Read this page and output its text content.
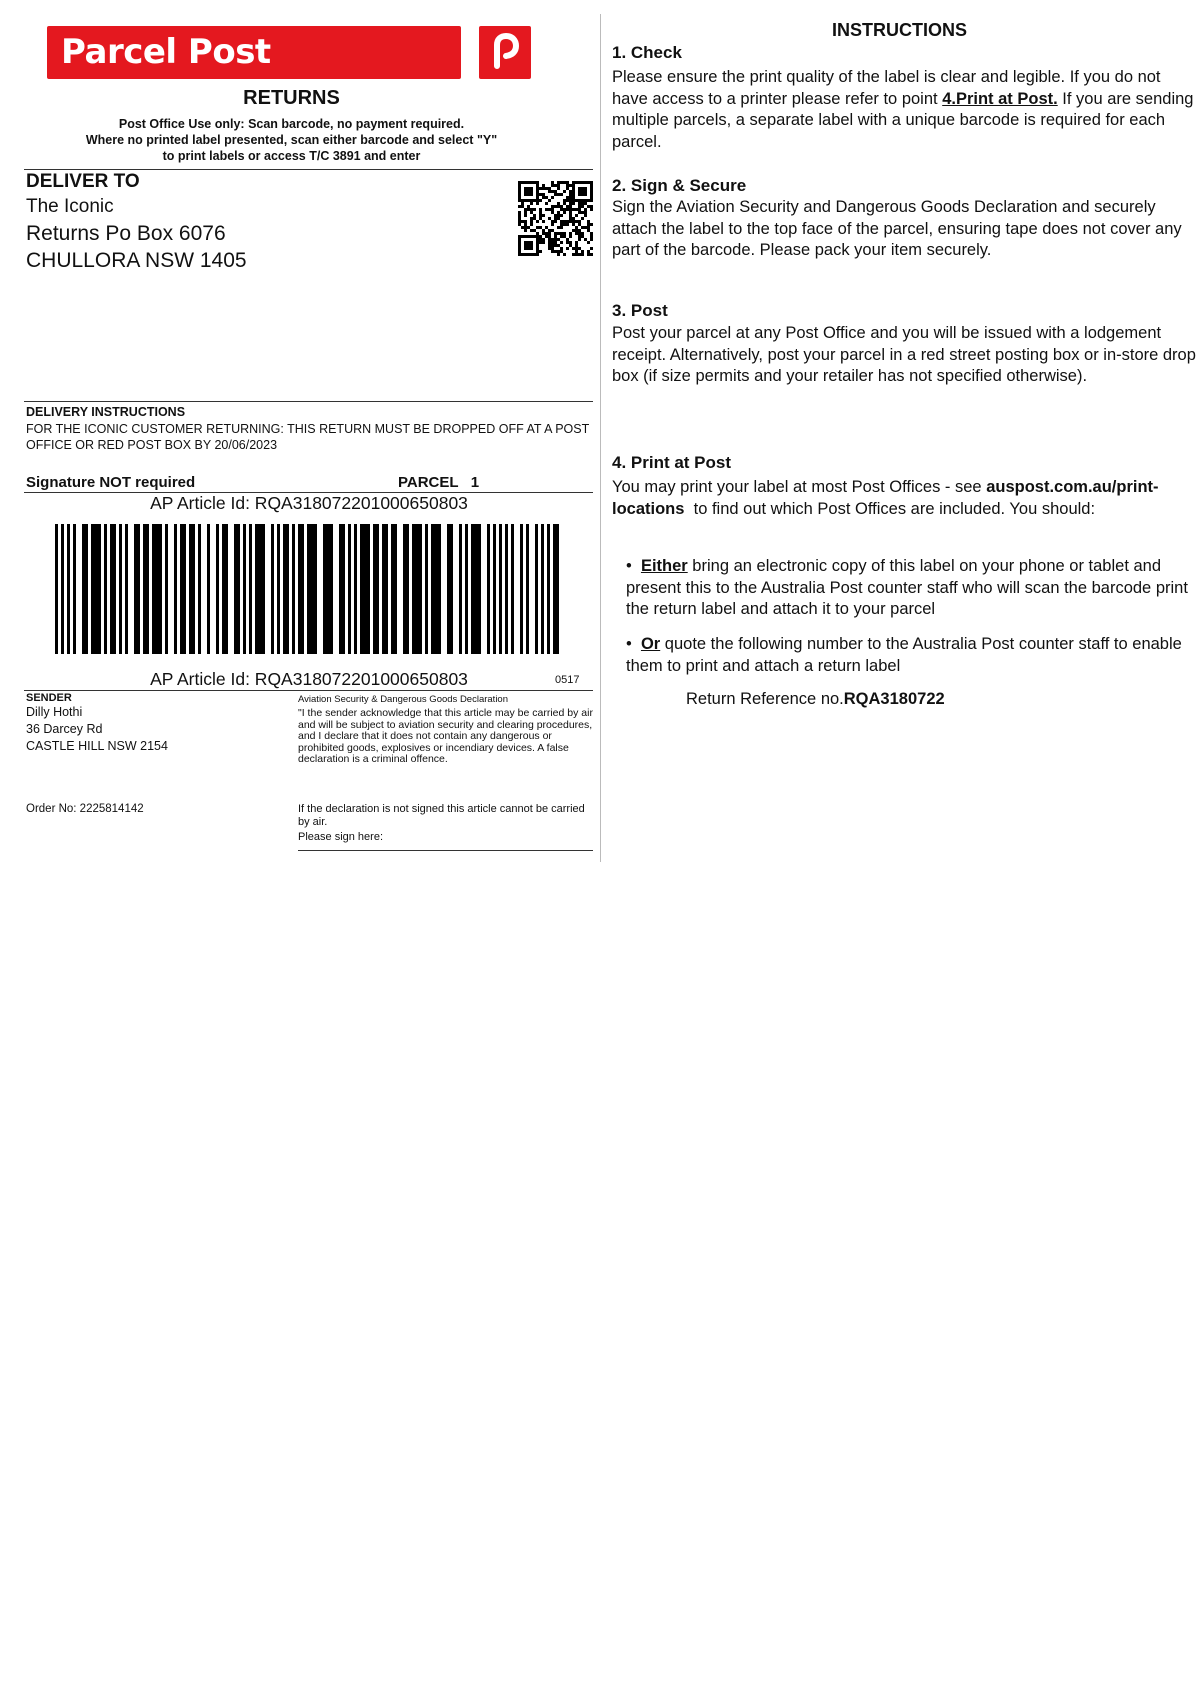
Parcel Post
RETURNS
Post Office Use only: Scan barcode, no payment required.
Where no printed label presented, scan either barcode and select "Y"
to print labels or access T/C 3891 and enter
DELIVER TO
The Iconic
Returns Po Box 6076
CHULLORA NSW 1405
DELIVERY INSTRUCTIONS
FOR THE ICONIC CUSTOMER RETURNING: THIS RETURN MUST BE DROPPED OFF AT A POST OFFICE OR RED POST BOX BY 20/06/2023
Signature NOT required	PARCEL   1
AP Article Id: RQA318072201000650803
AP Article Id: RQA318072201000650803	0517
SENDER
Dilly Hothi
36 Darcey Rd
CASTLE HILL NSW 2154
Order No: 2225814142
Aviation Security & Dangerous Goods Declaration
"I the sender acknowledge that this article may be carried by air and will be subject to aviation security and clearing procedures, and I declare that it does not contain any dangerous or prohibited goods, explosives or incendiary devices. A false declaration is a criminal offence.
If the declaration is not signed this article cannot be carried by air.
Please sign here:
INSTRUCTIONS
1. Check
Please ensure the print quality of the label is clear and legible. If you do not have access to a printer please refer to point 4.Print at Post. If you are sending multiple parcels, a separate label with a unique barcode is required for each parcel.
2. Sign & Secure
Sign the Aviation Security and Dangerous Goods Declaration and securely attach the label to the top face of the parcel, ensuring tape does not cover any part of the barcode. Please pack your item securely.
3. Post
Post your parcel at any Post Office and you will be issued with a lodgement receipt. Alternatively, post your parcel in a red street posting box or in-store drop box (if size permits and your retailer has not specified otherwise).
4. Print at Post
You may print your label at most Post Offices - see auspost.com.au/print-locations  to find out which Post Offices are included. You should:
• Either bring an electronic copy of this label on your phone or tablet and present this to the Australia Post counter staff who will scan the barcode print the return label and attach it to your parcel
• Or quote the following number to the Australia Post counter staff to enable them to print and attach a return label
Return Reference no.RQA3180722
